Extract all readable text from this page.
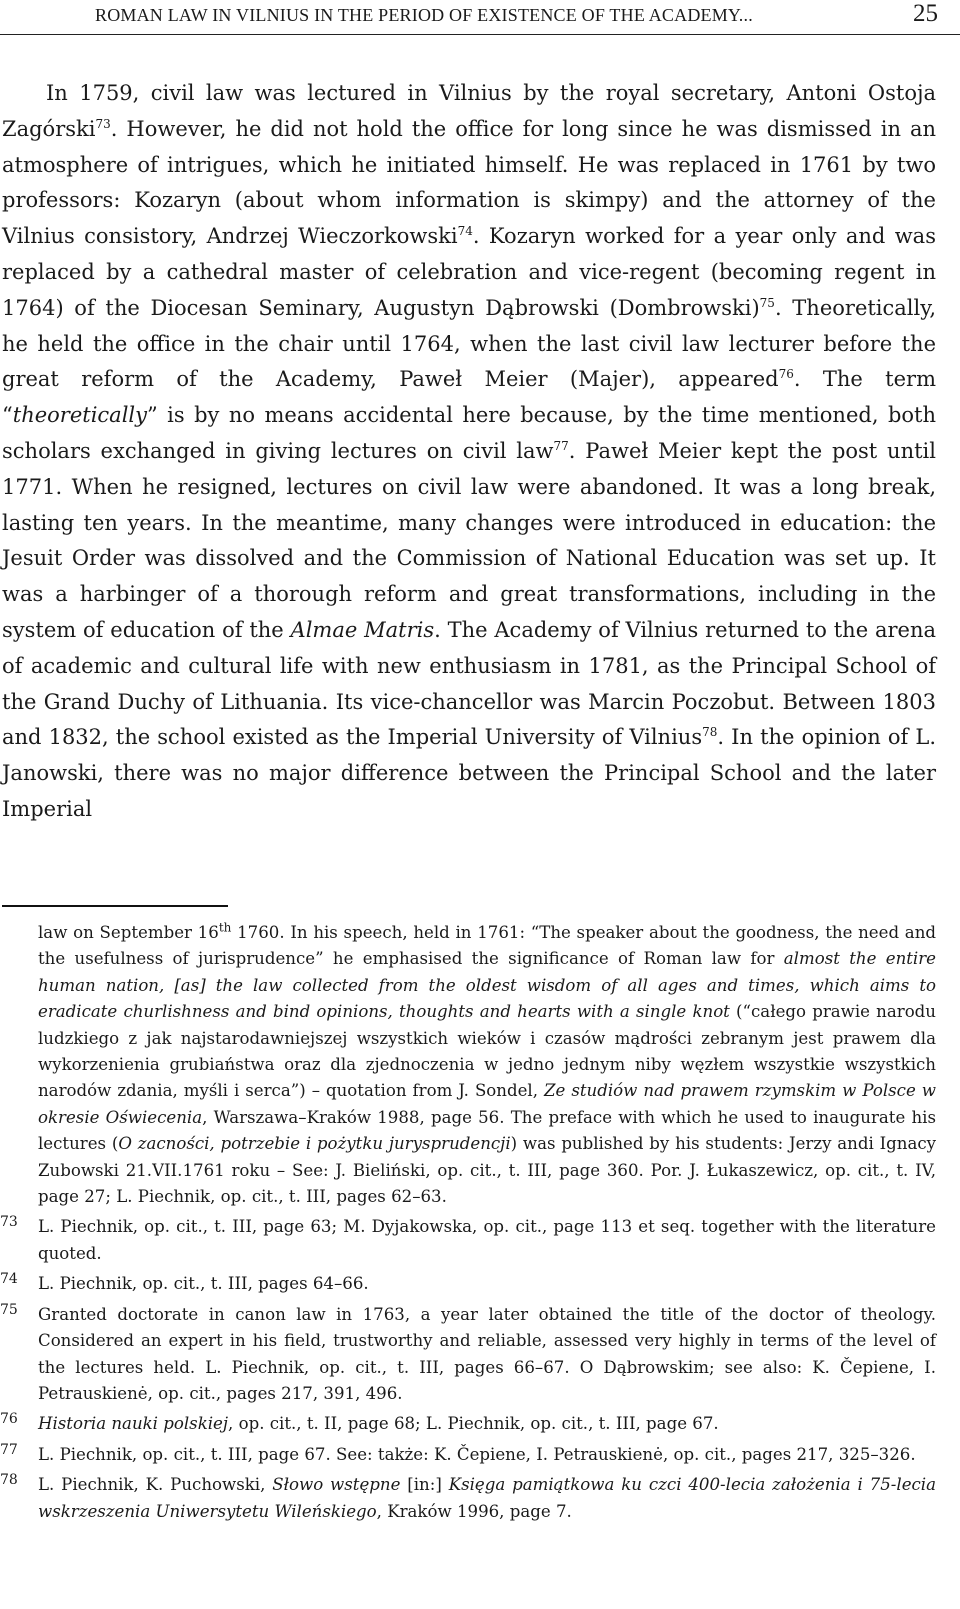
ROMAN LAW IN VILNIUS IN THE PERIOD OF EXISTENCE OF THE ACADEMY...	25

In 1759, civil law was lectured in Vilnius by the royal secretary, Antoni Ostoja Zagórski$^{73}$. However, he did not hold the office for long since he was dismissed in an atmosphere of intrigues, which he initiated himself. He was replaced in 1761 by two professors: Kozaryn (about whom information is skimpy) and the attorney of the Vilnius consistory, Andrzej Wieczorkowski$^{74}$. Kozaryn worked for a year only and was replaced by a cathedral master of celebration and vice-regent (becoming regent in 1764) of the Diocesan Seminary, Augustyn Dąbrowski (Dombrowski)$^{75}$. Theoretically, he held the office in the chair until 1764, when the last civil law lecturer before the great reform of the Academy, Paweł Meier (Majer), appeared$^{76}$. The term “theoretically” is by no means accidental here because, by the time mentioned, both scholars exchanged in giving lectures on civil law$^{77}$. Paweł Meier kept the post until 1771. When he resigned, lectures on civil law were abandoned. It was a long break, lasting ten years. In the meantime, many changes were introduced in education: the Jesuit Order was dissolved and the Commission of National Education was set up. It was a harbinger of a thorough reform and great transformations, including in the system of education of the Almae Matris. The Academy of Vilnius returned to the arena of academic and cultural life with new enthusiasm in 1781, as the Principal School of the Grand Duchy of Lithuania. Its vice-chancellor was Marcin Poczobut. Between 1803 and 1832, the school existed as the Imperial University of Vilnius$^{78}$. In the opinion of L. Janowski, there was no major difference between the Principal School and the later Imperial

law on September 16th 1760. In his speech, held in 1761: “The speaker about the goodness, the need and the usefulness of jurisprudence” he emphasised the significance of Roman law for almost the entire human nation, [as] the law collected from the oldest wisdom of all ages and times, which aims to eradicate churlishness and bind opinions, thoughts and hearts with a single knot (“całego prawie narodu ludzkiego z jak najstarodawniejszej wszystkich wieków i czasów mądrości zebranym jest prawem dla wykorzenienia grubiaństwa oraz dla zjednoczenia w jedno jednym niby węzłem wszystkie wszystkich narodów zdania, myśli i serca”) – quotation from J. Sondel, Ze studiów nad prawem rzymskim w Polsce w okresie Oświecenia, Warszawa–Kraków 1988, page 56. The preface with which he used to inaugurate his lectures (O zacności, potrzebie i pożytku jurysprudencji) was published by his students: Jerzy andi Ignacy Zubowski 21.VII.1761 roku – See: J. Bieliński, op. cit., t. III, page 360. Por. J. Łukaszewicz, op. cit., t. IV, page 27; L. Piechnik, op. cit., t. III, pages 62–63.

73 L. Piechnik, op. cit., t. III, page 63; M. Dyjakowska, op. cit., page 113 et seq. together with the literature quoted.

74 L. Piechnik, op. cit., t. III, pages 64–66.

75 Granted doctorate in canon law in 1763, a year later obtained the title of the doctor of theology. Considered an expert in his field, trustworthy and reliable, assessed very highly in terms of the level of the lectures held. L. Piechnik, op. cit., t. III, pages 66–67. O Dąbrowskim; see also: K. Čepiene, I. Petrauskienė, op. cit., pages 217, 391, 496.

76 Historia nauki polskiej, op. cit., t. II, page 68; L. Piechnik, op. cit., t. III, page 67.

77 L. Piechnik, op. cit., t. III, page 67. See: także: K. Čepiene, I. Petrauskienė, op. cit., pages 217, 325–326.

78 L. Piechnik, K. Puchowski, Słowo wstępne [in:] Księga pamiątkowa ku czci 400-lecia założenia i 75-lecia wskrzeszenia Uniwersytetu Wileńskiego, Kraków 1996, page 7.
